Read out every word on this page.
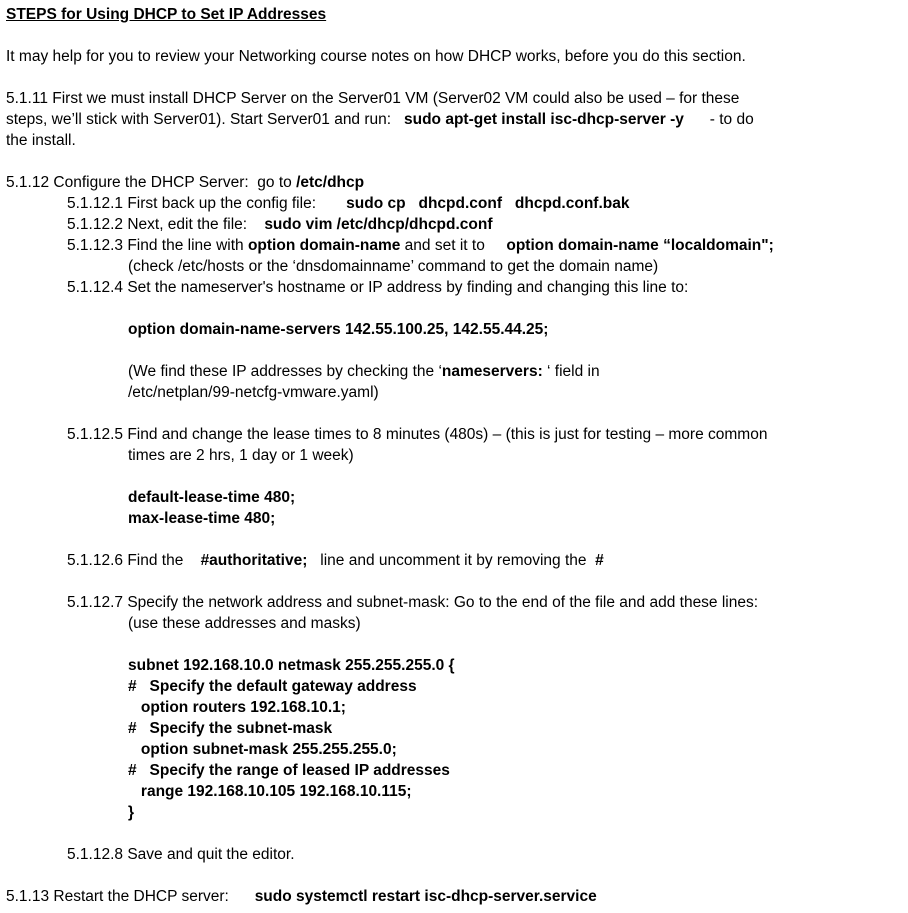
STEPS for Using DHCP to Set IP Addresses

It may help for you to review your Networking course notes on how DHCP works, before you do this section.

5.1.11 First we must install DHCP Server on the Server01 VM (Server02 VM could also be used – for these
steps, we’ll stick with Server01). Start Server01 and run:   sudo apt-get install isc-dhcp-server -y      - to do
the install.

5.1.12 Configure the DHCP Server:  go to /etc/dhcp

5.1.12.1 First back up the config file:       sudo cp   dhcpd.conf   dhcpd.conf.bak

5.1.12.2 Next, edit the file:    sudo vim /etc/dhcp/dhcpd.conf

5.1.12.3 Find the line with option domain-name and set it to     option domain-name “localdomain";
(check /etc/hosts or the ‘dnsdomainname’ command to get the domain name)

5.1.12.4 Set the nameserver's hostname or IP address by finding and changing this line to:

option domain-name-servers 142.55.100.25, 142.55.44.25;

(We find these IP addresses by checking the ‘nameservers: ‘ field in
/etc/netplan/99-netcfg-vmware.yaml)

5.1.12.5 Find and change the lease times to 8 minutes (480s) – (this is just for testing – more common
times are 2 hrs, 1 day or 1 week)

default-lease-time 480;
max-lease-time 480;

5.1.12.6 Find the    #authoritative;   line and uncomment it by removing the  #

5.1.12.7 Specify the network address and subnet-mask: Go to the end of the file and add these lines:
(use these addresses and masks)

subnet 192.168.10.0 netmask 255.255.255.0 {
#   Specify the default gateway address
option routers 192.168.10.1;
#   Specify the subnet-mask
option subnet-mask 255.255.255.0;
#   Specify the range of leased IP addresses
range 192.168.10.105 192.168.10.115;
}

5.1.12.8 Save and quit the editor.

5.1.13 Restart the DHCP server:      sudo systemctl restart isc-dhcp-server.service
